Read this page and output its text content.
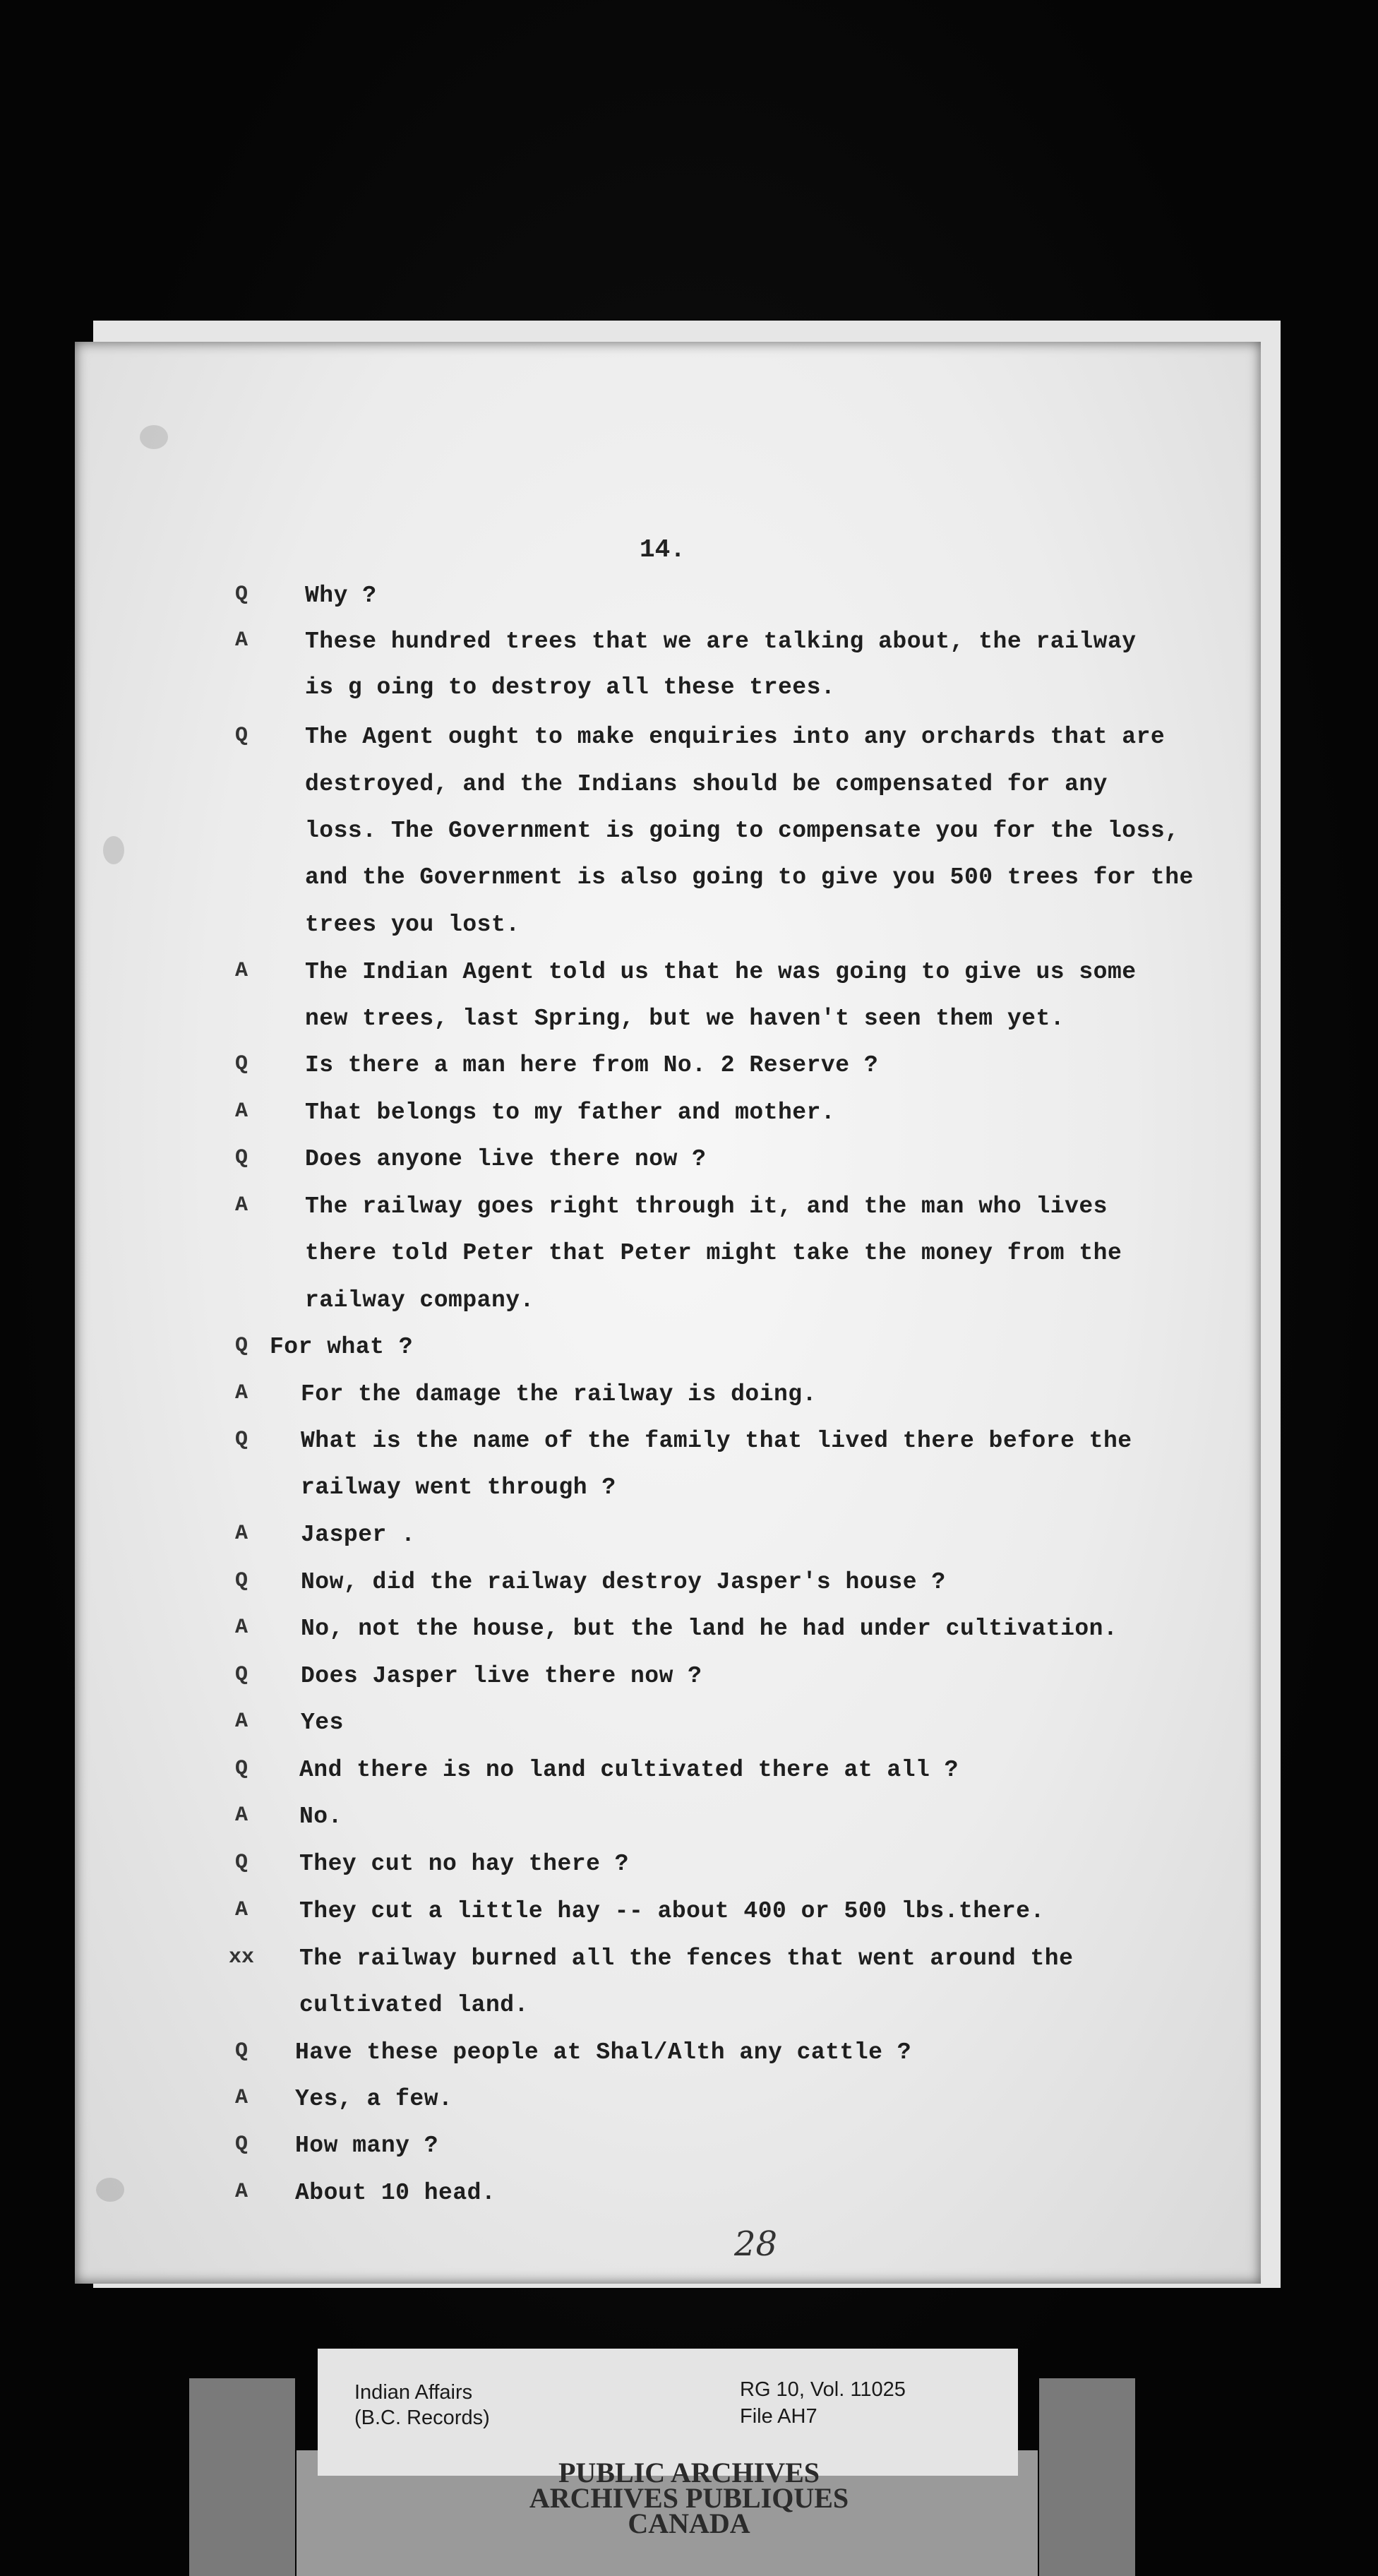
14.
Q	Why ?
A	These hundred trees that we are talking about, the railway
is g oing to destroy all these trees.
Q	The Agent ought to make enquiries into any orchards that are
destroyed, and the Indians should be compensated for any
loss. The Government is going to compensate you for the loss,
and the Government is also going to give you 500 trees for the
trees you lost.
A	The Indian Agent told us that he was going to give us some
new trees, last Spring, but we haven't seen them yet.
Q	Is there a man here from No. 2 Reserve ?
A	That belongs to my father and mother.
Q	Does anyone live there now ?
A	The railway goes right through it, and the man who lives
there told Peter that Peter might take the money from the
railway company.
Q For what ?
A	For the damage the railway is doing.
Q	What is the name of the family that lived there before the
railway went through ?
A	Jasper .
Q	Now, did the railway destroy Jasper's house ?
A	No, not the house, but the land he had under cultivation.
Q	Does Jasper live there now ?
A	Yes
Q	And there is no land cultivated there at all ?
A	No.
Q	They cut no hay there ?
A	They cut a little hay -- about 400 or 500 lbs.there.
xx	The railway burned all the fences that went around the
cultivated land.
Q	Have these people at Shal/Alth any cattle ?
A	Yes, a few.
Q	How many ?
A	About 10 head.
28
Indian Affairs
(B.C. Records)
RG 10, Vol. 11025
File AH7
PUBLIC ARCHIVES
ARCHIVES PUBLIQUES
CANADA
